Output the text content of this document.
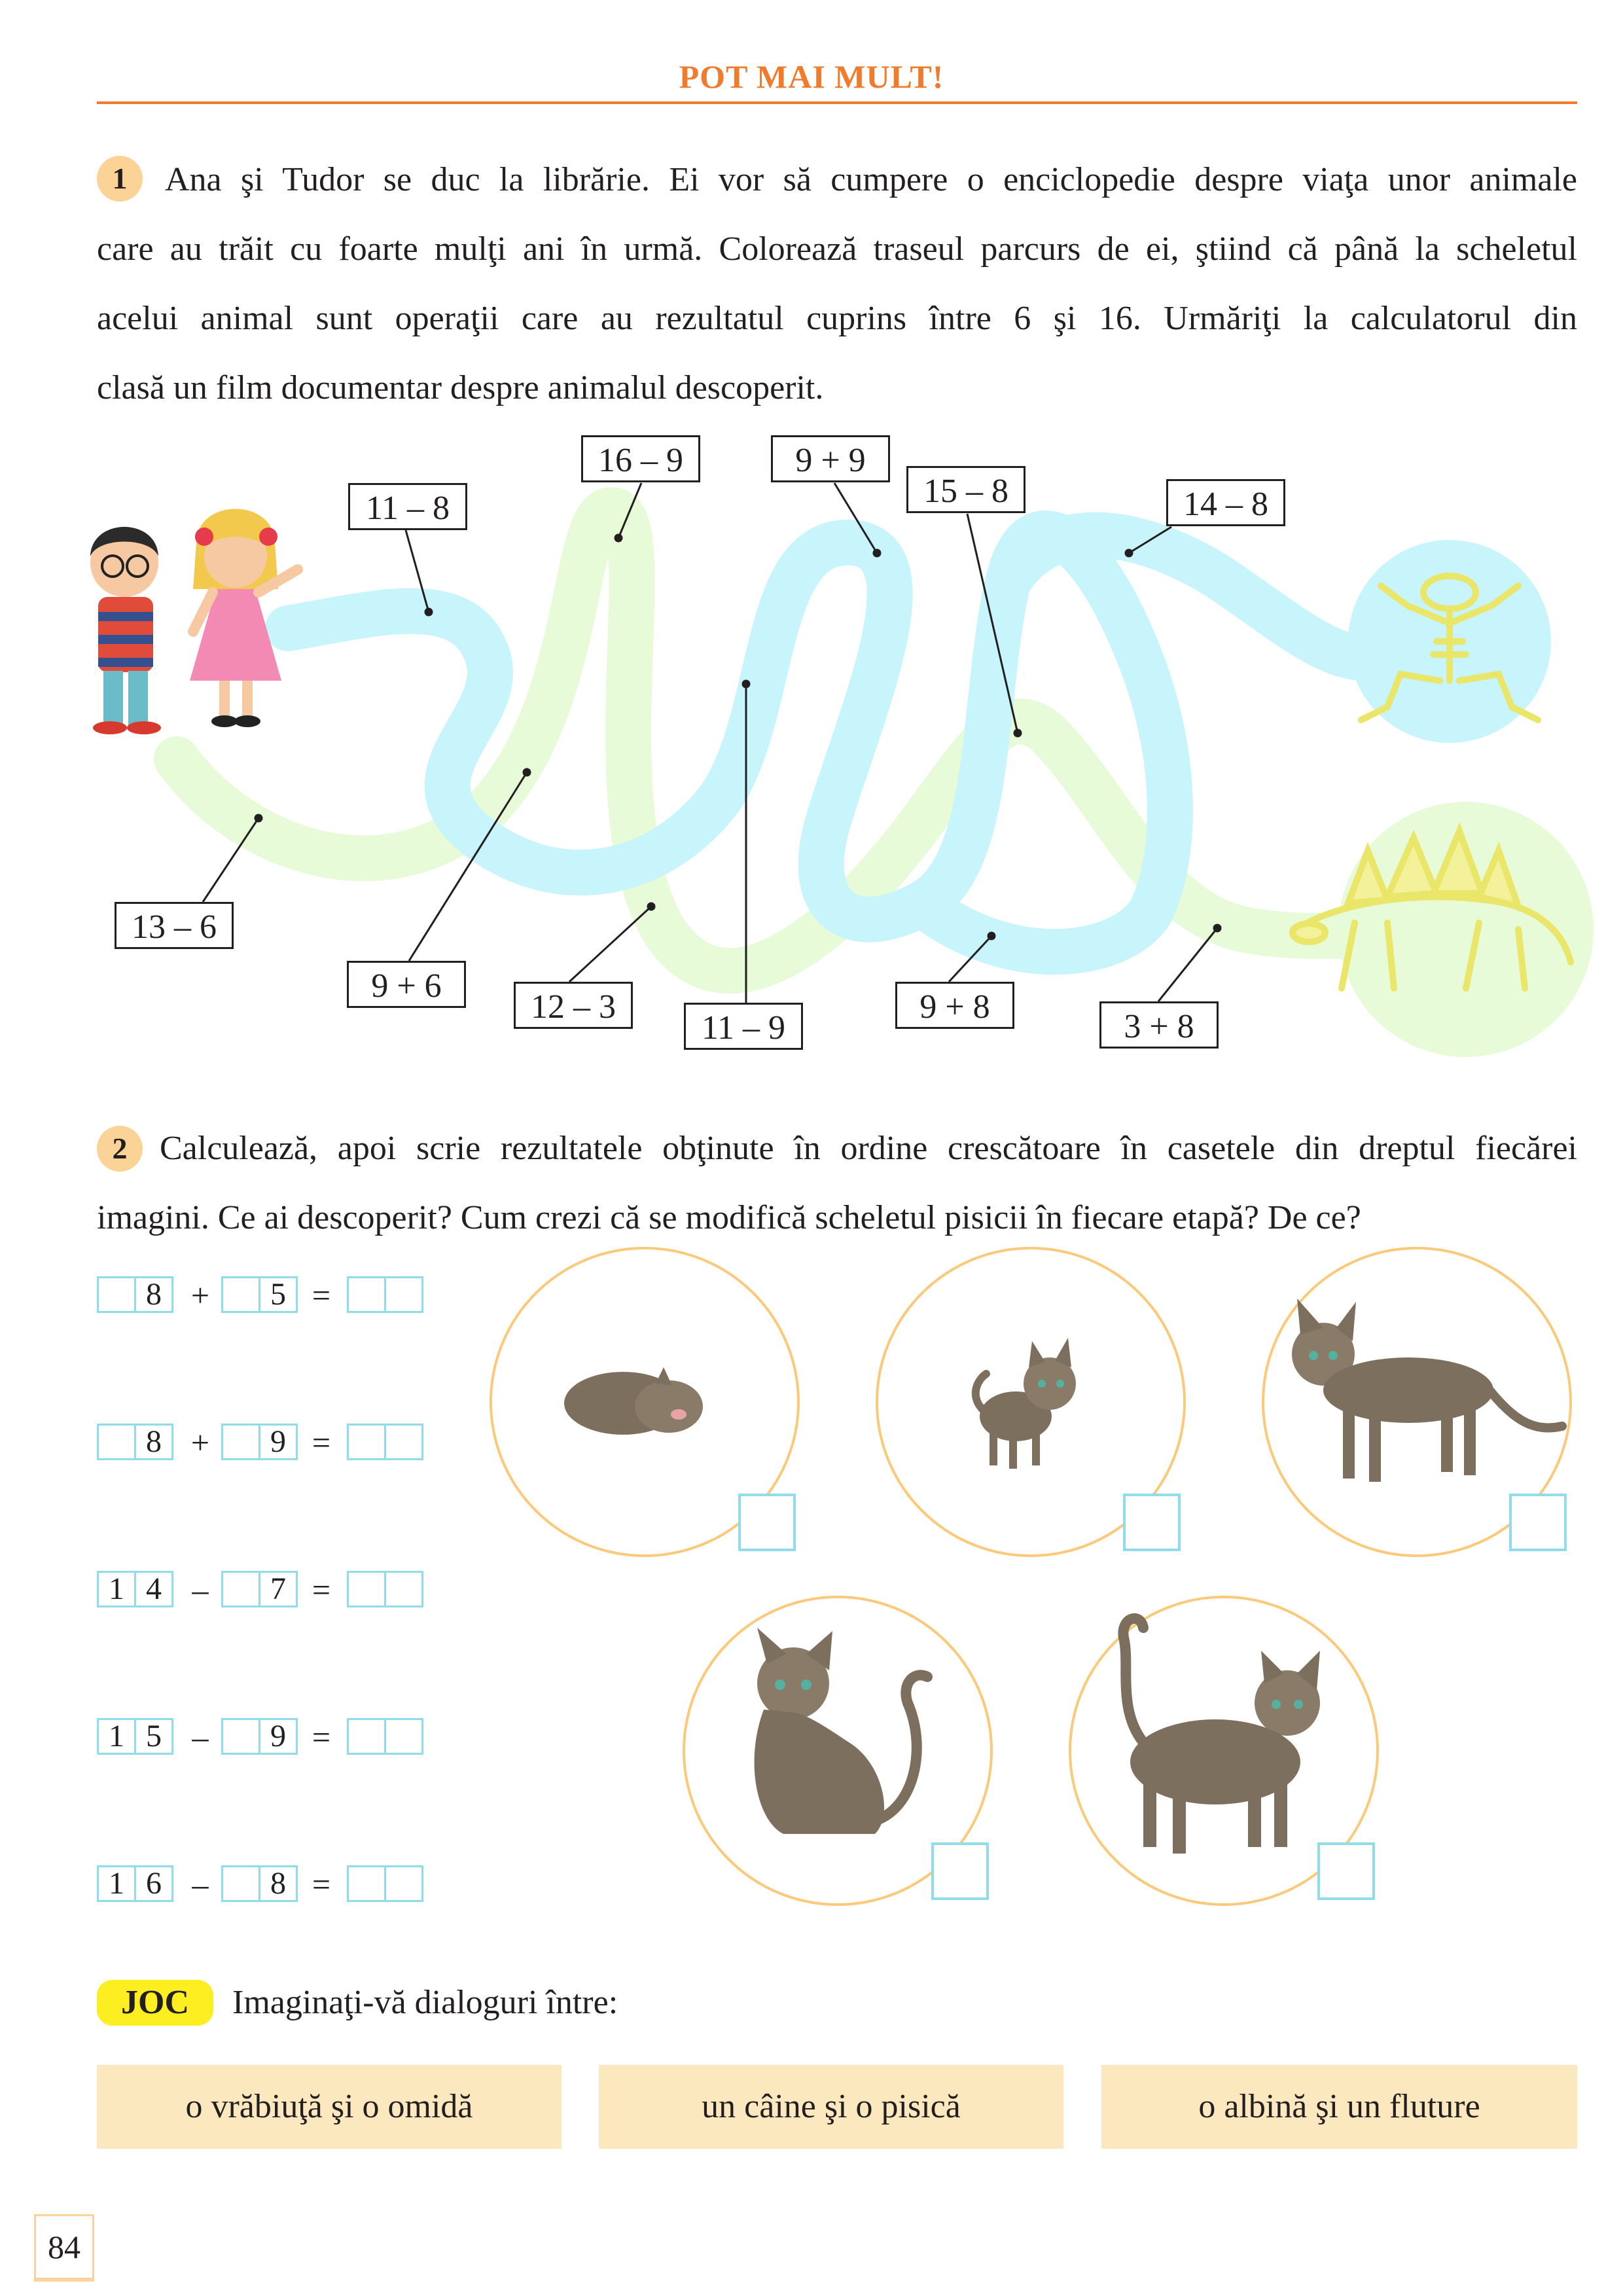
POT MAI MULT!
1	Ana şi Tudor se duc la librărie. Ei vor să cumpere o enciclopedie despre viaţa unor animale
care au trăit cu foarte mulţi ani în urmă. Colorează traseul parcurs de ei, ştiind că până la scheletul
acelui animal sunt operaţii care au rezultatul cuprins între 6 şi 16. Urmăriţi la calculatorul din
clasă un film documentar despre animalul descoperit.
16 – 9	9 + 9
11 – 8	15 – 8	14 – 8
13 – 6
9 + 6
12 – 3
11 – 9
9 + 8
3 + 8
2 Calculează, apoi scrie rezultatele obţinute în ordine crescătoare în casetele din dreptul fiecărei
imagini. Ce ai descoperit? Cum crezi că se modifică scheletul pisicii în fiecare etapă? De ce?
8 +	5 =
8 +	9 =
1 4 –	7 =
1 5 –	9 =
1 6 –	8 =
JOC	Imaginaţi-vă dialoguri între:
o vrăbiuţă şi o omidă	un câine şi o pisică	o albină şi un fluture
84
